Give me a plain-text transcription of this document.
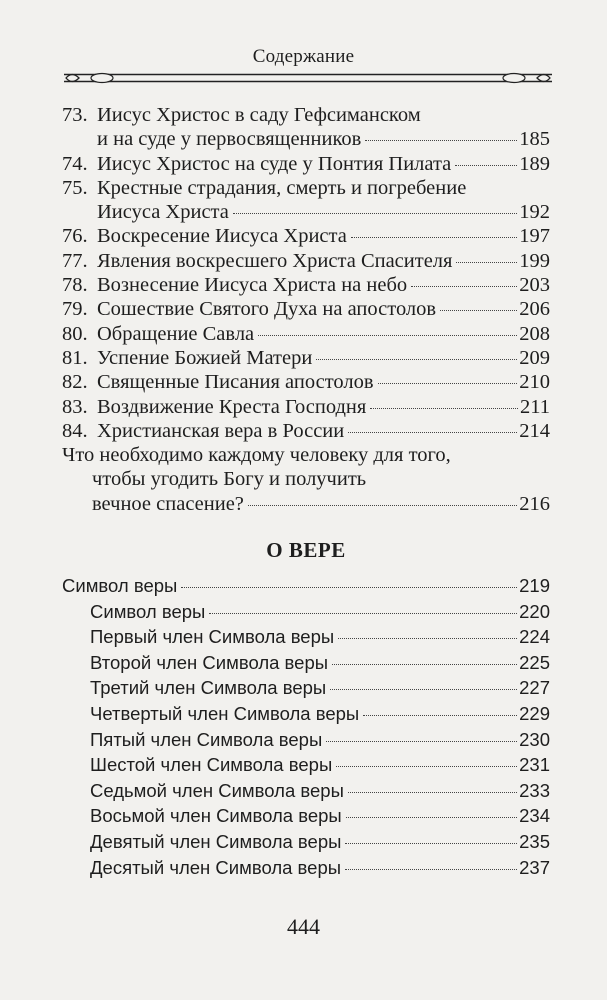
Содержание
73. Иисус Христос в саду Гефсиманском
и на суде у первосвященников	185
74. Иисус Христос на суде у Понтия Пилата	189
75. Крестные страдания, смерть и погребение
Иисуса Христа	192
76. Воскресение Иисуса Христа	197
77. Явления воскресшего Христа Спасителя	199
78. Вознесение Иисуса Христа на небо	203
79. Сошествие Святого Духа на апостолов	206
80. Обращение Савла	208
81. Успение Божией Матери	209
82. Священные Писания апостолов	210
83. Воздвижение Креста Господня	211
84. Христианская вера в России	214
Что необходимо каждому человеку для того,
чтобы угодить Богу и получить
вечное спасение?	216
О ВЕРЕ
Символ веры	219
Символ веры	220
Первый член Символа веры	224
Второй член Символа веры	225
Третий член Символа веры	227
Четвертый член Символа веры	229
Пятый член Символа веры	230
Шестой член Символа веры	231
Седьмой член Символа веры	233
Восьмой член Символа веры	234
Девятый член Символа веры	235
Десятый член Символа веры	237
444
